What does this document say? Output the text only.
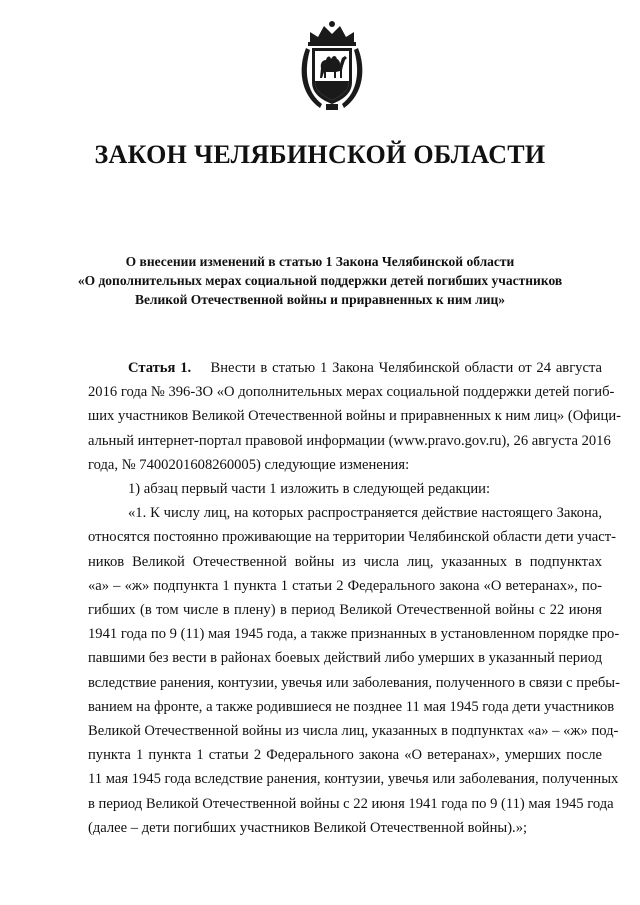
ЗАКОН ЧЕЛЯБИНСКОЙ ОБЛАСТИ
О внесении изменений в статью 1 Закона Челябинской области
«О дополнительных мерах социальной поддержки детей погибших участников
Великой Отечественной войны и приравненных к ним лиц»
Статья 1. Внести в статью 1 Закона Челябинской области от 24 августа
2016 года № 396-ЗО «О дополнительных мерах социальной поддержки детей погиб-
ших участников Великой Отечественной войны и приравненных к ним лиц» (Офици-
альный интернет-портал правовой информации (www.pravo.gov.ru), 26 августа 2016
года, № 7400201608260005) следующие изменения:
1) абзац первый части 1 изложить в следующей редакции:
«1. К числу лиц, на которых распространяется действие настоящего Закона,
относятся постоянно проживающие на территории Челябинской области дети участ-
ников Великой Отечественной войны из числа лиц, указанных в подпунктах
«а» – «ж» подпункта 1 пункта 1 статьи 2 Федерального закона «О ветеранах», по-
гибших (в том числе в плену) в период Великой Отечественной войны с 22 июня
1941 года по 9 (11) мая 1945 года, а также признанных в установленном порядке про-
павшими без вести в районах боевых действий либо умерших в указанный период
вследствие ранения, контузии, увечья или заболевания, полученного в связи с пребы-
ванием на фронте, а также родившиеся не позднее 11 мая 1945 года дети участников
Великой Отечественной войны из числа лиц, указанных в подпунктах «а» – «ж» под-
пункта 1 пункта 1 статьи 2 Федерального закона «О ветеранах», умерших после
11 мая 1945 года вследствие ранения, контузии, увечья или заболевания, полученных
в период Великой Отечественной войны с 22 июня 1941 года по 9 (11) мая 1945 года
(далее – дети погибших участников Великой Отечественной войны).»;
